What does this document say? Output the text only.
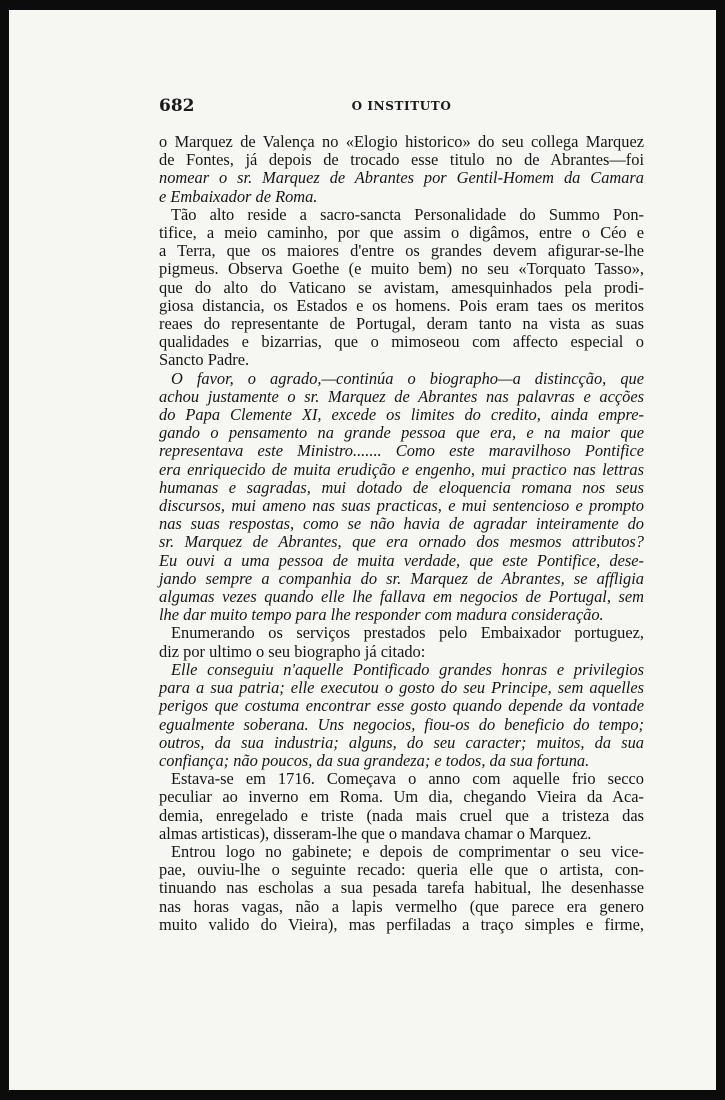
682	O INSTITUTO
o Marquez de Valença no «Elogio historico» do seu collega Marquez
de Fontes, já depois de trocado esse titulo no de Abrantes—foi
nomear o sr. Marquez de Abrantes por Gentil-Homem da Camara
e Embaixador de Roma.
Tão alto reside a sacro-sancta Personalidade do Summo Pon-
tifice, a meio caminho, por que assim o digâmos, entre o Céo e
a Terra, que os maiores d'entre os grandes devem afigurar-se-lhe
pigmeus. Observa Goethe (e muito bem) no seu «Torquato Tasso»,
que do alto do Vaticano se avistam, amesquinhados pela prodi-
giosa distancia, os Estados e os homens. Pois eram taes os meritos
reaes do representante de Portugal, deram tanto na vista as suas
qualidades e bizarrias, que o mimoseou com affecto especial o
Sancto Padre.
O favor, o agrado,—continúa o biographo—a distincção, que
achou justamente o sr. Marquez de Abrantes nas palavras e acções
do Papa Clemente XI, excede os limites do credito, ainda empre-
gando o pensamento na grande pessoa que era, e na maior que
representava este Ministro....... Como este maravilhoso Pontifice
era enriquecido de muita erudição e engenho, mui practico nas lettras
humanas e sagradas, mui dotado de eloquencia romana nos seus
discursos, mui ameno nas suas practicas, e mui sentencioso e prompto
nas suas respostas, como se não havia de agradar inteiramente do
sr. Marquez de Abrantes, que era ornado dos mesmos attributos?
Eu ouvi a uma pessoa de muita verdade, que este Pontifice, dese-
jando sempre a companhia do sr. Marquez de Abrantes, se affligia
algumas vezes quando elle lhe fallava em negocios de Portugal, sem
lhe dar muito tempo para lhe responder com madura consideração.
Enumerando os serviços prestados pelo Embaixador portuguez,
diz por ultimo o seu biographo já citado:
Elle conseguiu n'aquelle Pontificado grandes honras e privilegios
para a sua patria; elle executou o gosto do seu Principe, sem aquelles
perigos que costuma encontrar esse gosto quando depende da vontade
egualmente soberana. Uns negocios, fiou-os do beneficio do tempo;
outros, da sua industria; alguns, do seu caracter; muitos, da sua
confiança; não poucos, da sua grandeza; e todos, da sua fortuna.
Estava-se em 1716. Começava o anno com aquelle frio secco
peculiar ao inverno em Roma. Um dia, chegando Vieira da Aca-
demia, enregelado e triste (nada mais cruel que a tristeza das
almas artisticas), disseram-lhe que o mandava chamar o Marquez.
Entrou logo no gabinete; e depois de comprimentar o seu vice-
pae, ouviu-lhe o seguinte recado: queria elle que o artista, con-
tinuando nas escholas a sua pesada tarefa habitual, lhe desenhasse
nas horas vagas, não a lapis vermelho (que parece era genero
muito valido do Vieira), mas perfiladas a traço simples e firme,
